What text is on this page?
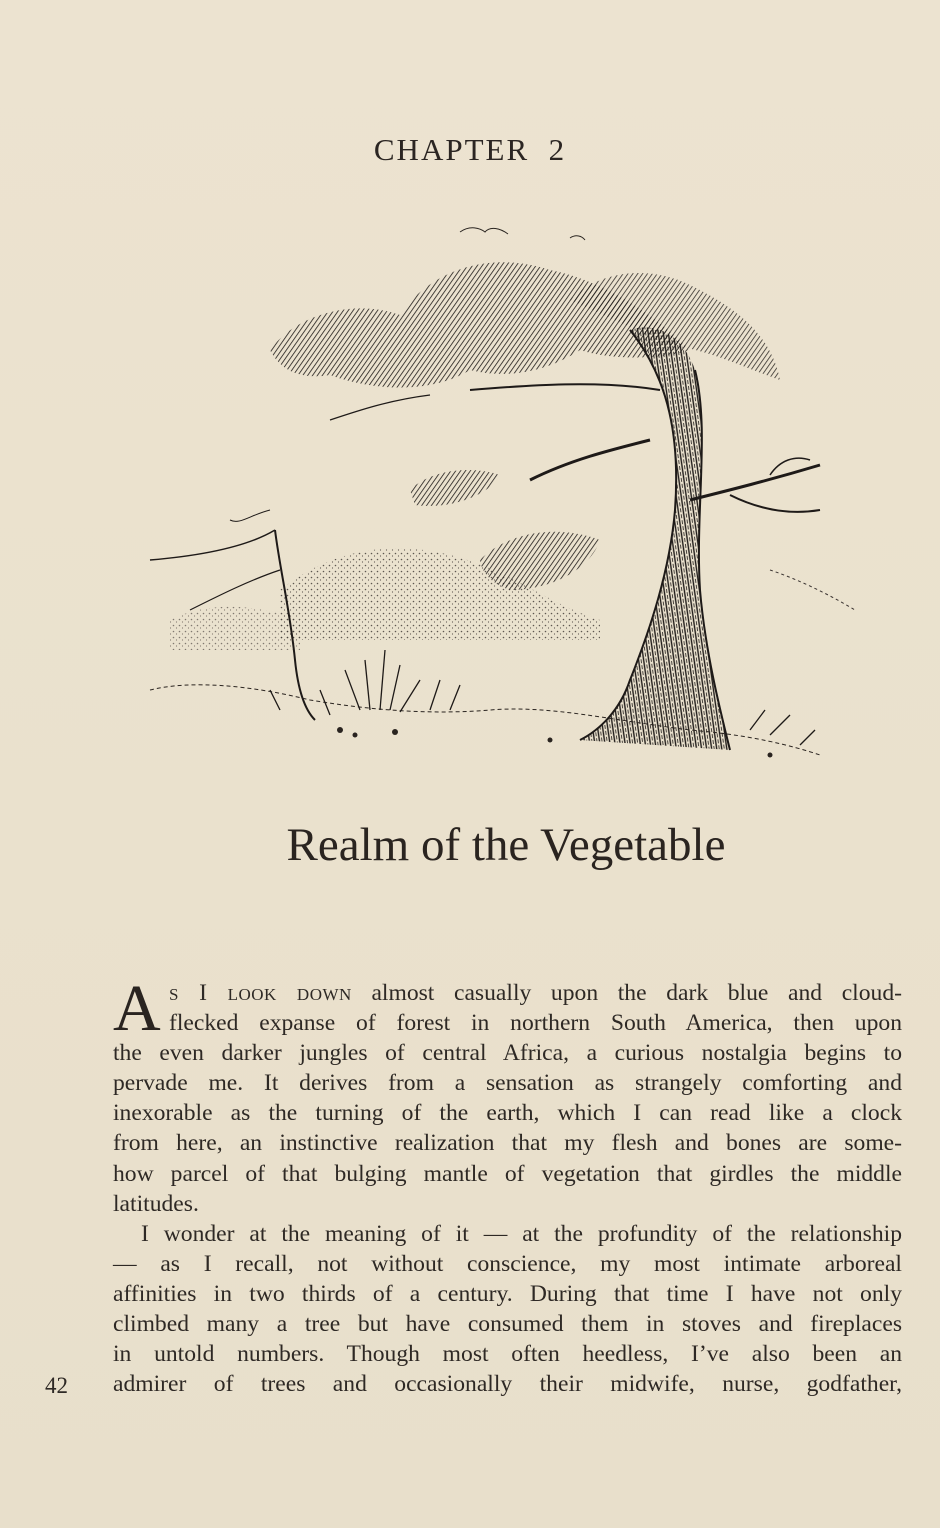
CHAPTER  2
Realm of the Vegetable
A s I look down almost casually upon the dark blue and cloud-
flecked expanse of forest in northern South America, then upon
the even darker jungles of central Africa, a curious nostalgia begins to
pervade me. It derives from a sensation as strangely comforting and
inexorable as the turning of the earth, which I can read like a clock
from here, an instinctive realization that my flesh and bones are some-
how parcel of that bulging mantle of vegetation that girdles the middle
latitudes.
I wonder at the meaning of it — at the profundity of the relationship
— as I recall, not without conscience, my most intimate arboreal
affinities in two thirds of a century. During that time I have not only
climbed many a tree but have consumed them in stoves and fireplaces
in untold numbers. Though most often heedless, I’ve also been an
admirer of trees and occasionally their midwife, nurse, godfather,
42
